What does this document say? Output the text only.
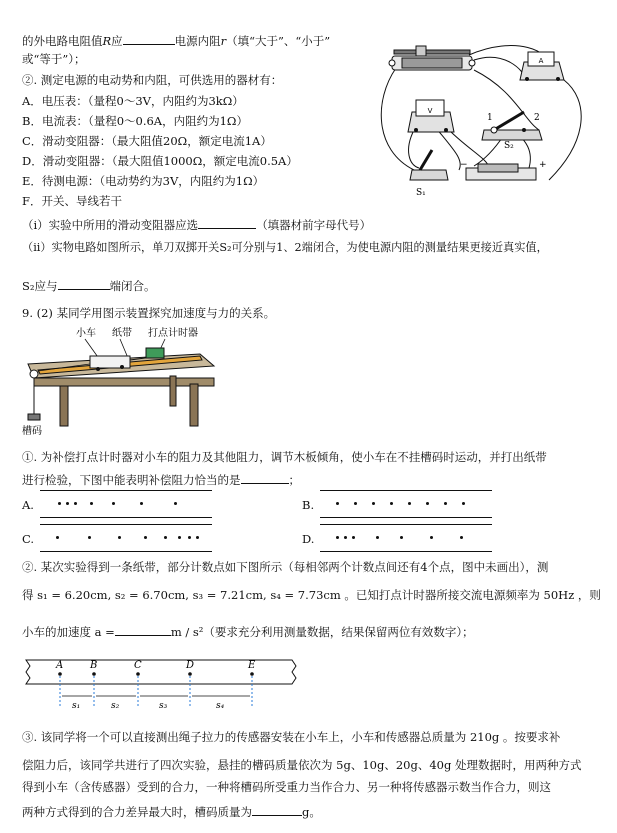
的外电路电阻值R应	电源内阻r（填“大于”、“小于”
或“等于”）；
②. 测定电源的电动势和内阻，可供选用的器材有：
A．电压表：（量程0～3V，内阻约为3kΩ）
B．电流表：（量程0～0.6A，内阻约为1Ω）
C．滑动变阻器：（最大阻值20Ω，额定电流1A）
D．滑动变阻器：（最大阻值1000Ω，额定电流0.5A）
E．待测电源：（电动势约为3V，内阻约为1Ω）
F．开关、导线若干
（i）实验中所用的滑动变阻器应选	（填器材前字母代号）
（ii）实物电路如图所示，单刀双掷开关S₂可分别与1、2端闭合，为使电源内阻的测量结果更接近真实值，
S₂应与	端闭合。
A
V
1	2
S₂
S₁
−	+
9. (2) 某同学用图示装置探究加速度与力的关系。
小车 纸带 打点计时器
槽码
①. 为补偿打点计时器对小车的阻力及其他阻力，调节木板倾角，使小车在不挂槽码时运动，并打出纸带
进行检验，下图中能表明补偿阻力恰当的是	；
A.	B.
C.	D.
②. 某次实验得到一条纸带，部分计数点如下图所示（每相邻两个计数点间还有4个点，图中未画出），测
得 s₁ = 6.20cm, s₂ = 6.70cm, s₃ = 7.21cm, s₄ = 7.73cm 。已知打点计时器所接交流电源频率为 50Hz ，则
小车的加速度 a =	m / s²（要求充分利用测量数据，结果保留两位有效数字）；
A	B	C	D	E
s₁	s₂	s₃	s₄
③. 该同学将一个可以直接测出绳子拉力的传感器安装在小车上，小车和传感器总质量为 210g 。按要求补
偿阻力后，该同学共进行了四次实验，悬挂的槽码质量依次为 5g、10g、20g、40g 处理数据时，用两种方式
得到小车（含传感器）受到的合力，一种将槽码所受重力当作合力、另一种将传感器示数当作合力，则这
两种方式得到的合力差异最大时，槽码质量为	g。
